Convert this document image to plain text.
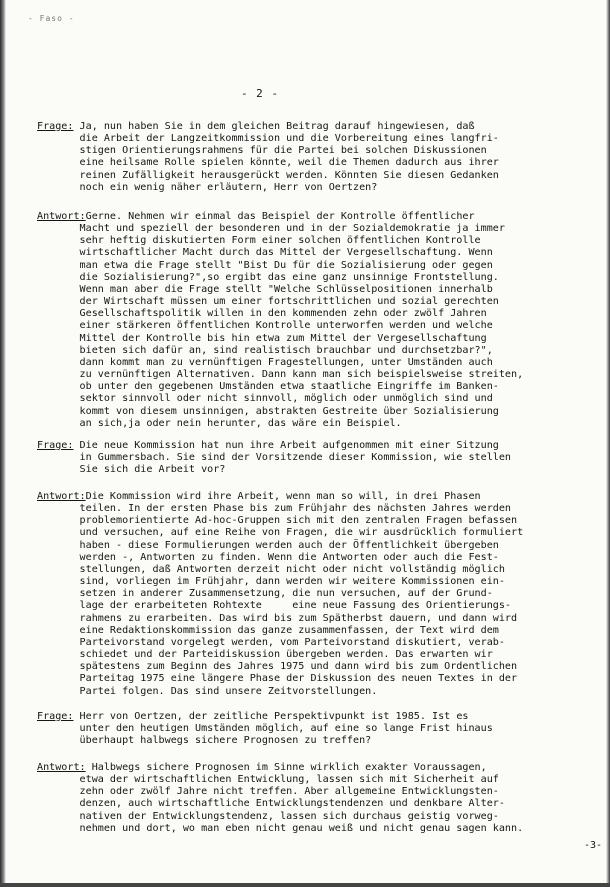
- Faso -
- 2 -
Frage: Ja, nun haben Sie in dem gleichen Beitrag darauf hingewiesen, daß
die Arbeit der Langzeitkommission und die Vorbereitung eines langfri-
stigen Orientierungsrahmens für die Partei bei solchen Diskussionen
eine heilsame Rolle spielen könnte, weil die Themen dadurch aus ihrer
reinen Zufälligkeit herausgerückt werden. Könnten Sie diesen Gedanken
noch ein wenig näher erläutern, Herr von Oertzen?
Antwort:Gerne. Nehmen wir einmal das Beispiel der Kontrolle öffentlicher
Macht und speziell der besonderen und in der Sozialdemokratie ja immer
sehr heftig diskutierten Form einer solchen öffentlichen Kontrolle
wirtschaftlicher Macht durch das Mittel der Vergesellschaftung. Wenn
man etwa die Frage stellt "Bist Du für die Sozialisierung oder gegen
die Sozialisierung?",so ergibt das eine ganz unsinnige Frontstellung.
Wenn man aber die Frage stellt "Welche Schlüsselpositionen innerhalb
der Wirtschaft müssen um einer fortschrittlichen und sozial gerechten
Gesellschaftspolitik willen in den kommenden zehn oder zwölf Jahren
einer stärkeren öffentlichen Kontrolle unterworfen werden und welche
Mittel der Kontrolle bis hin etwa zum Mittel der Vergesellschaftung
bieten sich dafür an, sind realistisch brauchbar und durchsetzbar?",
dann kommt man zu vernünftigen Fragestellungen, unter Umständen auch
zu vernünftigen Alternativen. Dann kann man sich beispielsweise streiten,
ob unter den gegebenen Umständen etwa staatliche Eingriffe im Banken-
sektor sinnvoll oder nicht sinnvoll, möglich oder unmöglich sind und
kommt von diesem unsinnigen, abstrakten Gestreite über Sozialisierung
an sich,ja oder nein herunter, das wäre ein Beispiel.
Frage: Die neue Kommission hat nun ihre Arbeit aufgenommen mit einer Sitzung
in Gummersbach. Sie sind der Vorsitzende dieser Kommission, wie stellen
Sie sich die Arbeit vor?
Antwort:Die Kommission wird ihre Arbeit, wenn man so will, in drei Phasen
teilen. In der ersten Phase bis zum Frühjahr des nächsten Jahres werden
problemorientierte Ad-hoc-Gruppen sich mit den zentralen Fragen befassen
und versuchen, auf eine Reihe von Fragen, die wir ausdrücklich formuliert
haben - diese Formulierungen werden auch der Öffentlichkeit übergeben
werden -, Antworten zu finden. Wenn die Antworten oder auch die Fest-
stellungen, daß Antworten derzeit nicht oder nicht vollständig möglich
sind, vorliegen im Frühjahr, dann werden wir weitere Kommissionen ein-
setzen in anderer Zusammensetzung, die nun versuchen, auf der Grund-
lage der erarbeiteten Rohtexte     eine neue Fassung des Orientierungs-
rahmens zu erarbeiten. Das wird bis zum Spätherbst dauern, und dann wird
eine Redaktionskommission das ganze zusammenfassen, der Text wird dem
Parteivorstand vorgelegt werden, vom Parteivorstand diskutiert, verab-
schiedet und der Parteidiskussion übergeben werden. Das erwarten wir
spätestens zum Beginn des Jahres 1975 und dann wird bis zum Ordentlichen
Parteitag 1975 eine längere Phase der Diskussion des neuen Textes in der
Partei folgen. Das sind unsere Zeitvorstellungen.
Frage: Herr von Oertzen, der zeitliche Perspektivpunkt ist 1985. Ist es
unter den heutigen Umständen möglich, auf eine so lange Frist hinaus
überhaupt halbwegs sichere Prognosen zu treffen?
Antwort: Halbwegs sichere Prognosen im Sinne wirklich exakter Voraussagen,
etwa der wirtschaftlichen Entwicklung, lassen sich mit Sicherheit auf
zehn oder zwölf Jahre nicht treffen. Aber allgemeine Entwicklungsten-
denzen, auch wirtschaftliche Entwicklungstendenzen und denkbare Alter-
nativen der Entwicklungstendenz, lassen sich durchaus geistig vorweg-
nehmen und dort, wo man eben nicht genau weiß und nicht genau sagen kann.
-3-
